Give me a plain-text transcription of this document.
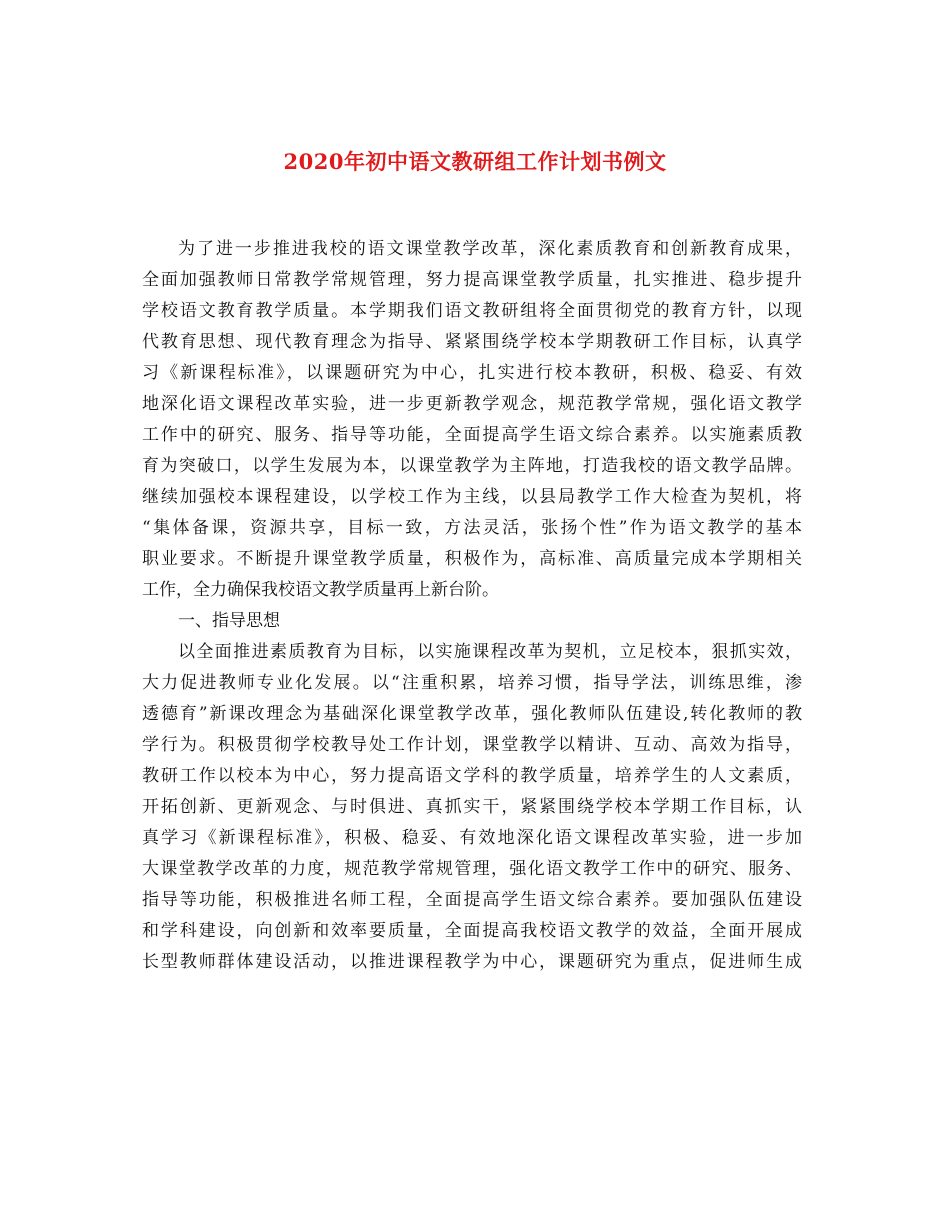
2020年初中语文教研组工作计划书例文
为了进一步推进我校的语文课堂教学改革，深化素质教育和创新教育成果，
全面加强教师日常教学常规管理，努力提高课堂教学质量，扎实推进、稳步提升
学校语文教育教学质量。本学期我们语文教研组将全面贯彻党的教育方针，以现
代教育思想、现代教育理念为指导、紧紧围绕学校本学期教研工作目标，认真学
习《新课程标准》，以课题研究为中心，扎实进行校本教研，积极、稳妥、有效
地深化语文课程改革实验，进一步更新教学观念，规范教学常规，强化语文教学
工作中的研究、服务、指导等功能，全面提高学生语文综合素养。以实施素质教
育为突破口，以学生发展为本，以课堂教学为主阵地，打造我校的语文教学品牌。
继续加强校本课程建设，以学校工作为主线，以县局教学工作大检查为契机，将
“集体备课，资源共享，目标一致，方法灵活，张扬个性”作为语文教学的基本
职业要求。不断提升课堂教学质量，积极作为，高标准、高质量完成本学期相关
工作，全力确保我校语文教学质量再上新台阶。
一、指导思想
以全面推进素质教育为目标，以实施课程改革为契机，立足校本，狠抓实效，
大力促进教师专业化发展。以“注重积累，培养习惯，指导学法，训练思维，渗
透德育”新课改理念为基础深化课堂教学改革，强化教师队伍建设,转化教师的教
学行为。积极贯彻学校教导处工作计划，课堂教学以精讲、互动、高效为指导，
教研工作以校本为中心，努力提高语文学科的教学质量，培养学生的人文素质，
开拓创新、更新观念、与时俱进、真抓实干，紧紧围绕学校本学期工作目标，认
真学习《新课程标准》，积极、稳妥、有效地深化语文课程改革实验，进一步加
大课堂教学改革的力度，规范教学常规管理，强化语文教学工作中的研究、服务、
指导等功能，积极推进名师工程，全面提高学生语文综合素养。要加强队伍建设
和学科建设，向创新和效率要质量，全面提高我校语文教学的效益，全面开展成
长型教师群体建设活动，以推进课程教学为中心，课题研究为重点，促进师生成
